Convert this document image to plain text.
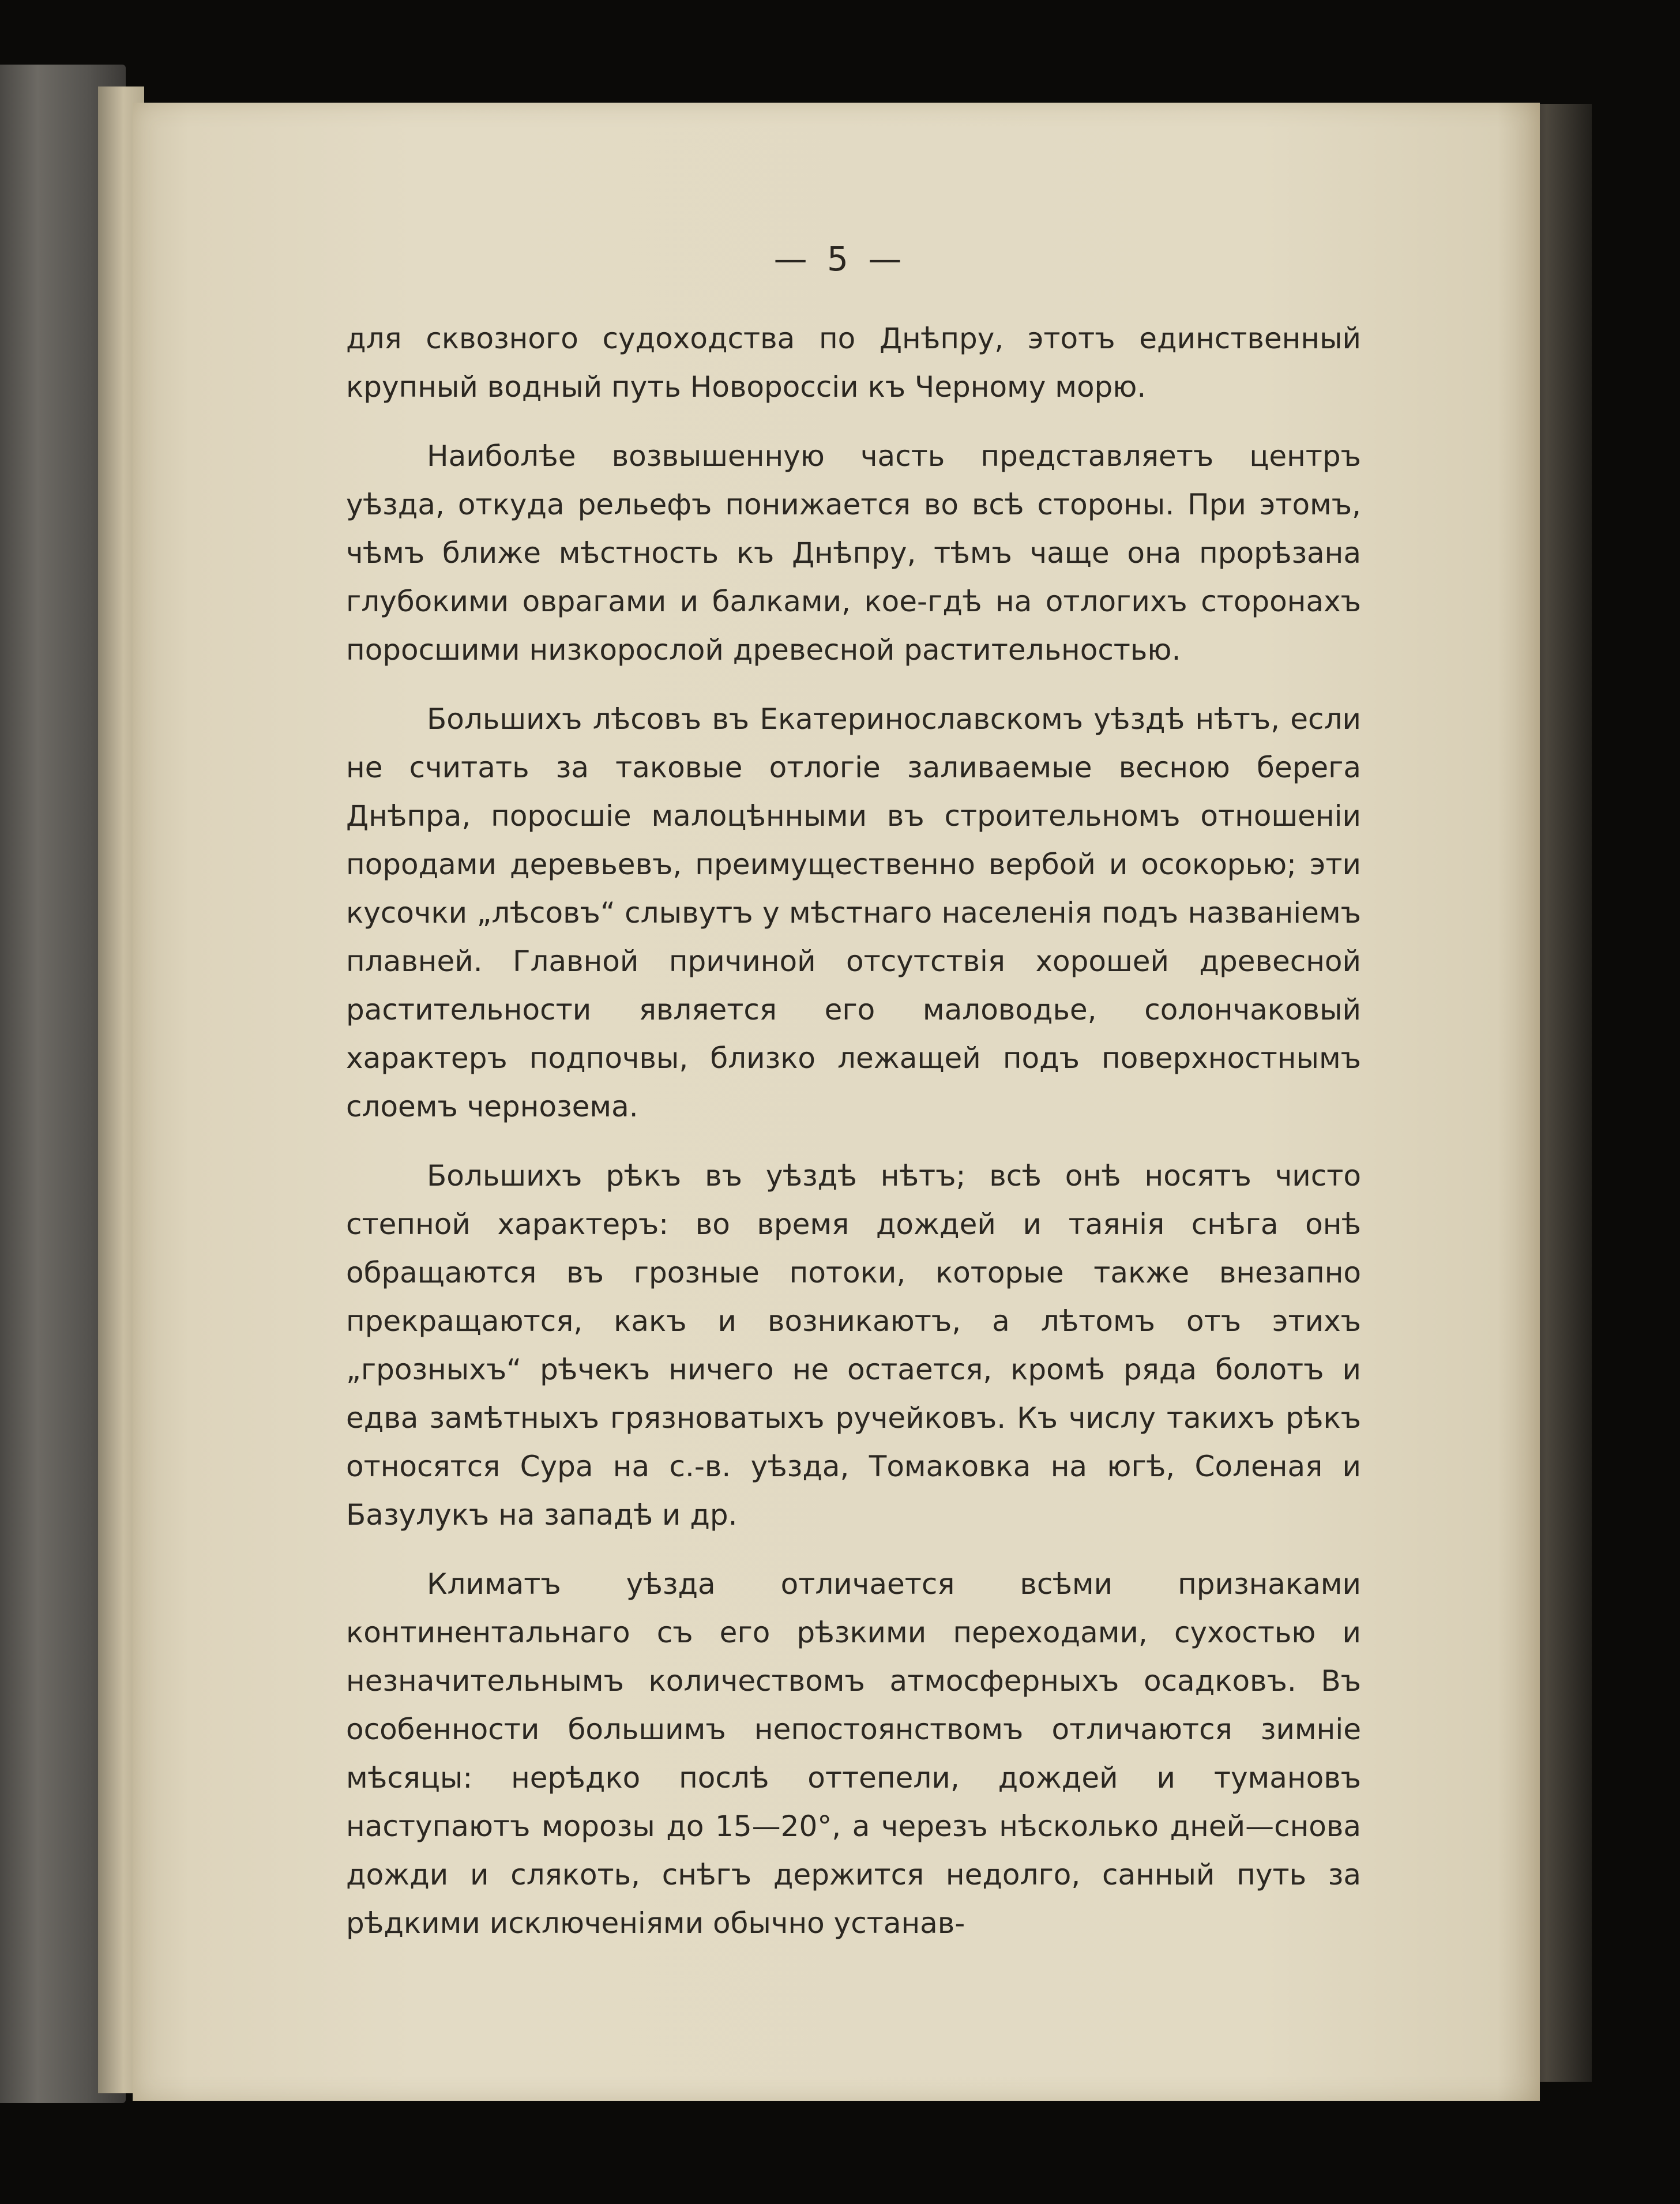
— 5 —

для сквозного судоходства по Днѣпру, этотъ единственный крупный водный путь Новороссіи къ Черному морю.

Наиболѣе возвышенную часть представляетъ центръ уѣзда, откуда рельефъ понижается во всѣ стороны. При этомъ, чѣмъ ближе мѣстность къ Днѣпру, тѣмъ чаще она прорѣзана глубокими оврагами и балками, кое-гдѣ на отлогихъ сторонахъ поросшими низкорослой древесной растительностью.

Большихъ лѣсовъ въ Екатеринославскомъ уѣздѣ нѣтъ, если не считать за таковые отлогіе заливаемые весною берега Днѣпра, поросшіе малоцѣнными въ строительномъ отношеніи породами деревьевъ, преимущественно вербой и осокорью; эти кусочки „лѣсовъ“ слывутъ у мѣстнаго населенія подъ названіемъ плавней. Главной причиной отсутствія хорошей древесной растительности является его маловодье, солончаковый характеръ подпочвы, близко лежащей подъ поверхностнымъ слоемъ чернозема.

Большихъ рѣкъ въ уѣздѣ нѣтъ; всѣ онѣ носятъ чисто степной характеръ: во время дождей и таянія снѣга онѣ обращаются въ грозные потоки, которые также внезапно прекращаются, какъ и возникаютъ, а лѣтомъ отъ этихъ „грозныхъ“ рѣчекъ ничего не остается, кромѣ ряда болотъ и едва замѣтныхъ грязноватыхъ ручейковъ. Къ числу такихъ рѣкъ относятся Сура на с.-в. уѣзда, Томаковка на югѣ, Соленая и Базулукъ на западѣ и др.

Климатъ уѣзда отличается всѣми признаками континентальнаго съ его рѣзкими переходами, сухостью и незначительнымъ количествомъ атмосферныхъ осадковъ. Въ особенности большимъ непостоянствомъ отличаются зимніе мѣсяцы: нерѣдко послѣ оттепели, дождей и тумановъ наступаютъ морозы до 15—20°, а черезъ нѣсколько дней—снова дожди и слякоть, снѣгъ держится недолго, санный путь за рѣдкими исключеніями обычно устанав-
